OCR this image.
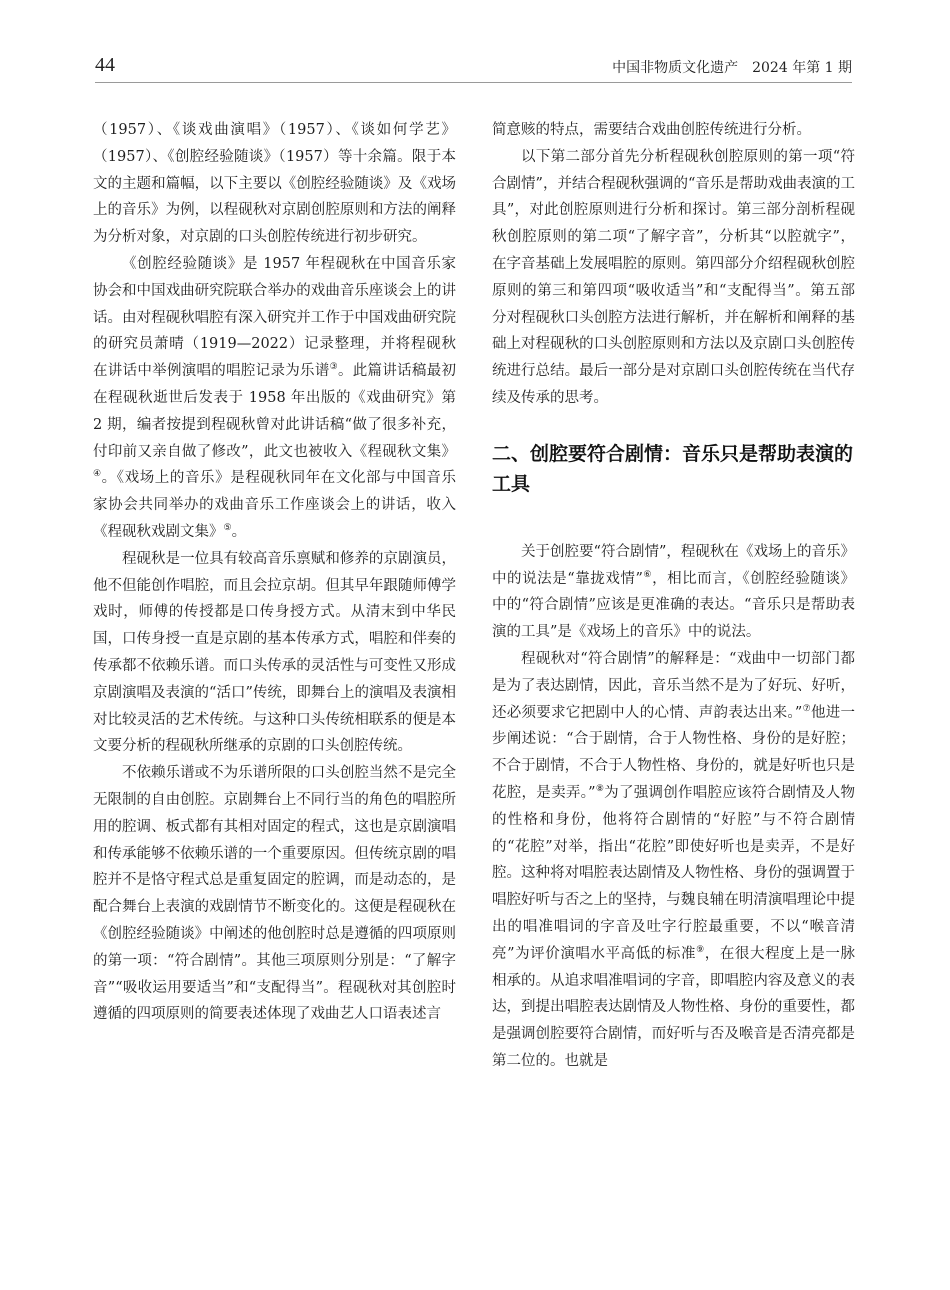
44	中国非物质文化遗产　2024 年第 1 期

（1957）、《谈戏曲演唱》（1957）、《谈如何学艺》（1957）、《创腔经验随谈》（1957）等十余篇。限于本文的主题和篇幅，以下主要以《创腔经验随谈》及《戏场上的音乐》为例，以程砚秋对京剧创腔原则和方法的阐释为分析对象，对京剧的口头创腔传统进行初步研究。

《创腔经验随谈》是 1957 年程砚秋在中国音乐家协会和中国戏曲研究院联合举办的戏曲音乐座谈会上的讲话。由对程砚秋唱腔有深入研究并工作于中国戏曲研究院的研究员萧晴（1919—2022）记录整理，并将程砚秋在讲话中举例演唱的唱腔记录为乐谱③。此篇讲话稿最初在程砚秋逝世后发表于 1958 年出版的《戏曲研究》第 2 期，编者按提到程砚秋曾对此讲话稿“做了很多补充，付印前又亲自做了修改”，此文也被收入《程砚秋文集》④。《戏场上的音乐》是程砚秋同年在文化部与中国音乐家协会共同举办的戏曲音乐工作座谈会上的讲话，收入《程砚秋戏剧文集》⑤。

程砚秋是一位具有较高音乐禀赋和修养的京剧演员，他不但能创作唱腔，而且会拉京胡。但其早年跟随师傅学戏时，师傅的传授都是口传身授方式。从清末到中华民国，口传身授一直是京剧的基本传承方式，唱腔和伴奏的传承都不依赖乐谱。而口头传承的灵活性与可变性又形成京剧演唱及表演的“活口”传统，即舞台上的演唱及表演相对比较灵活的艺术传统。与这种口头传统相联系的便是本文要分析的程砚秋所继承的京剧的口头创腔传统。

不依赖乐谱或不为乐谱所限的口头创腔当然不是完全无限制的自由创腔。京剧舞台上不同行当的角色的唱腔所用的腔调、板式都有其相对固定的程式，这也是京剧演唱和传承能够不依赖乐谱的一个重要原因。但传统京剧的唱腔并不是恪守程式总是重复固定的腔调，而是动态的，是配合舞台上表演的戏剧情节不断变化的。这便是程砚秋在《创腔经验随谈》中阐述的他创腔时总是遵循的四项原则的第一项：“符合剧情”。其他三项原则分别是：“了解字音”“吸收运用要适当”和“支配得当”。程砚秋对其创腔时遵循的四项原则的简要表述体现了戏曲艺人口语表述言

简意赅的特点，需要结合戏曲创腔传统进行分析。

以下第二部分首先分析程砚秋创腔原则的第一项“符合剧情”，并结合程砚秋强调的“音乐是帮助戏曲表演的工具”，对此创腔原则进行分析和探讨。第三部分剖析程砚秋创腔原则的第二项“了解字音”，分析其“以腔就字”，在字音基础上发展唱腔的原则。第四部分介绍程砚秋创腔原则的第三和第四项“吸收适当”和“支配得当”。第五部分对程砚秋口头创腔方法进行解析，并在解析和阐释的基础上对程砚秋的口头创腔原则和方法以及京剧口头创腔传统进行总结。最后一部分是对京剧口头创腔传统在当代存续及传承的思考。

二、创腔要符合剧情：音乐只是帮助表演的工具

关于创腔要“符合剧情”，程砚秋在《戏场上的音乐》中的说法是“靠拢戏情”⑥，相比而言，《创腔经验随谈》中的“符合剧情”应该是更准确的表达。“音乐只是帮助表演的工具”是《戏场上的音乐》中的说法。

程砚秋对“符合剧情”的解释是：“戏曲中一切部门都是为了表达剧情，因此，音乐当然不是为了好玩、好听，还必须要求它把剧中人的心情、声韵表达出来。”⑦他进一步阐述说：“合于剧情，合于人物性格、身份的是好腔；不合于剧情，不合于人物性格、身份的，就是好听也只是花腔，是卖弄。”⑧为了强调创作唱腔应该符合剧情及人物的性格和身份，他将符合剧情的“好腔”与不符合剧情的“花腔”对举，指出“花腔”即使好听也是卖弄，不是好腔。这种将对唱腔表达剧情及人物性格、身份的强调置于唱腔好听与否之上的坚持，与魏良辅在明清演唱理论中提出的唱准唱词的字音及吐字行腔最重要，不以“喉音清亮”为评价演唱水平高低的标准⑨，在很大程度上是一脉相承的。从追求唱准唱词的字音，即唱腔内容及意义的表达，到提出唱腔表达剧情及人物性格、身份的重要性，都是强调创腔要符合剧情，而好听与否及喉音是否清亮都是第二位的。也就是
